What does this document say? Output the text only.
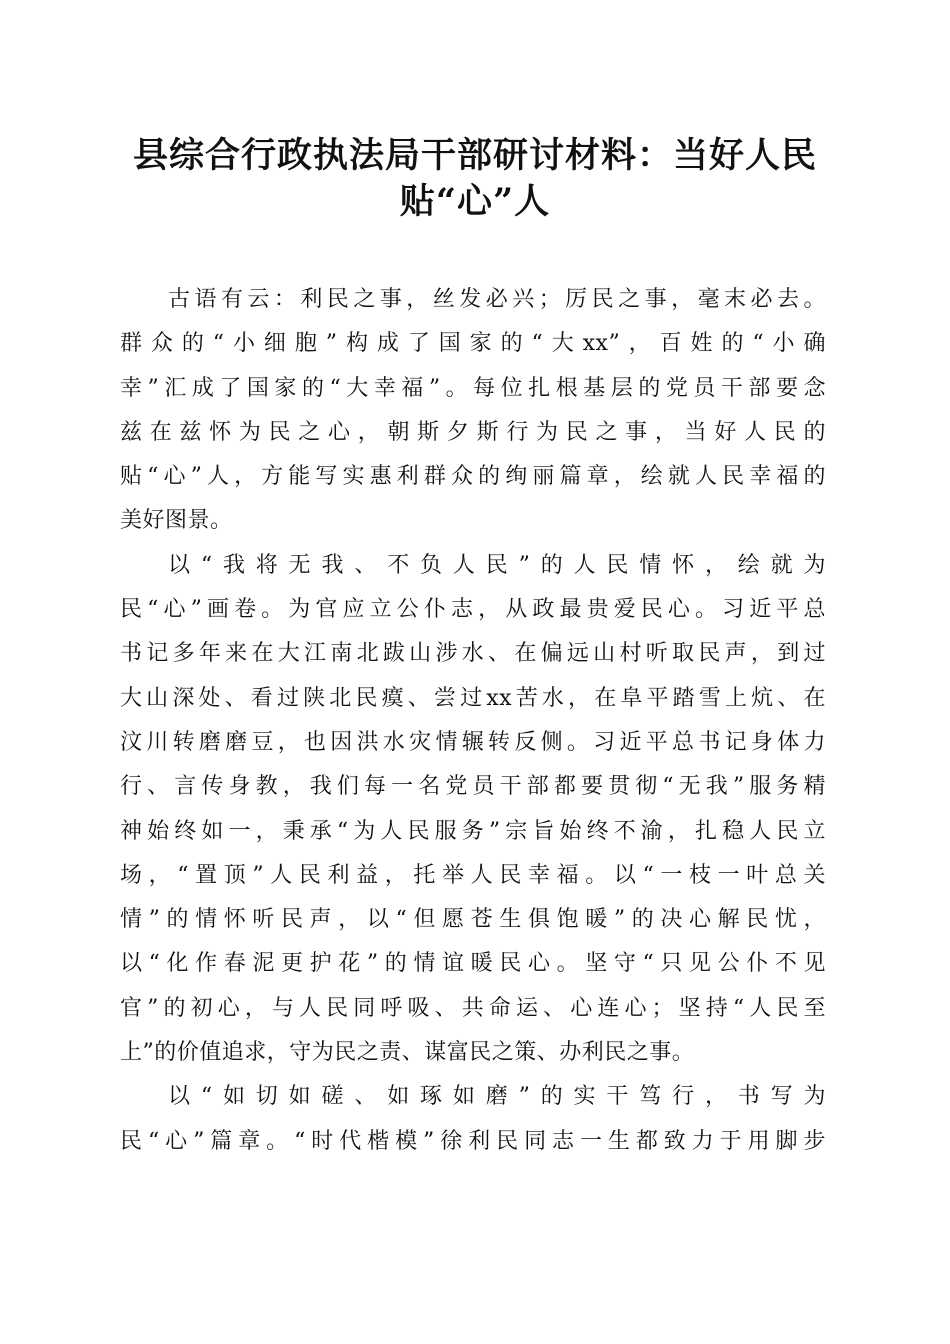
县综合行政执法局干部研讨材料：当好人民
贴“心”人

古语有云：利民之事，丝发必兴；厉民之事，毫末必去。
群众的“小细胞”构成了国家的“大xx”，百姓的“小确
幸”汇成了国家的“大幸福”。每位扎根基层的党员干部要念
兹在兹怀为民之心，朝斯夕斯行为民之事，当好人民的
贴“心”人，方能写实惠利群众的绚丽篇章，绘就人民幸福的
美好图景。

以“我将无我、不负人民”的人民情怀，绘就为
民“心”画卷。为官应立公仆志，从政最贵爱民心。习近平总
书记多年来在大江南北跋山涉水、在偏远山村听取民声，到过
大山深处、看过陕北民瘼、尝过xx苦水，在阜平踏雪上炕、在
汶川转磨磨豆，也因洪水灾情辗转反侧。习近平总书记身体力
行、言传身教，我们每一名党员干部都要贯彻“无我”服务精
神始终如一，秉承“为人民服务”宗旨始终不渝，扎稳人民立
场，“置顶”人民利益，托举人民幸福。以“一枝一叶总关
情”的情怀听民声，以“但愿苍生俱饱暖”的决心解民忧，
以“化作春泥更护花”的情谊暖民心。坚守“只见公仆不见
官”的初心，与人民同呼吸、共命运、心连心；坚持“人民至
上”的价值追求，守为民之责、谋富民之策、办利民之事。

以“如切如磋、如琢如磨”的实干笃行，书写为
民“心”篇章。“时代楷模”徐利民同志一生都致力于用脚步
